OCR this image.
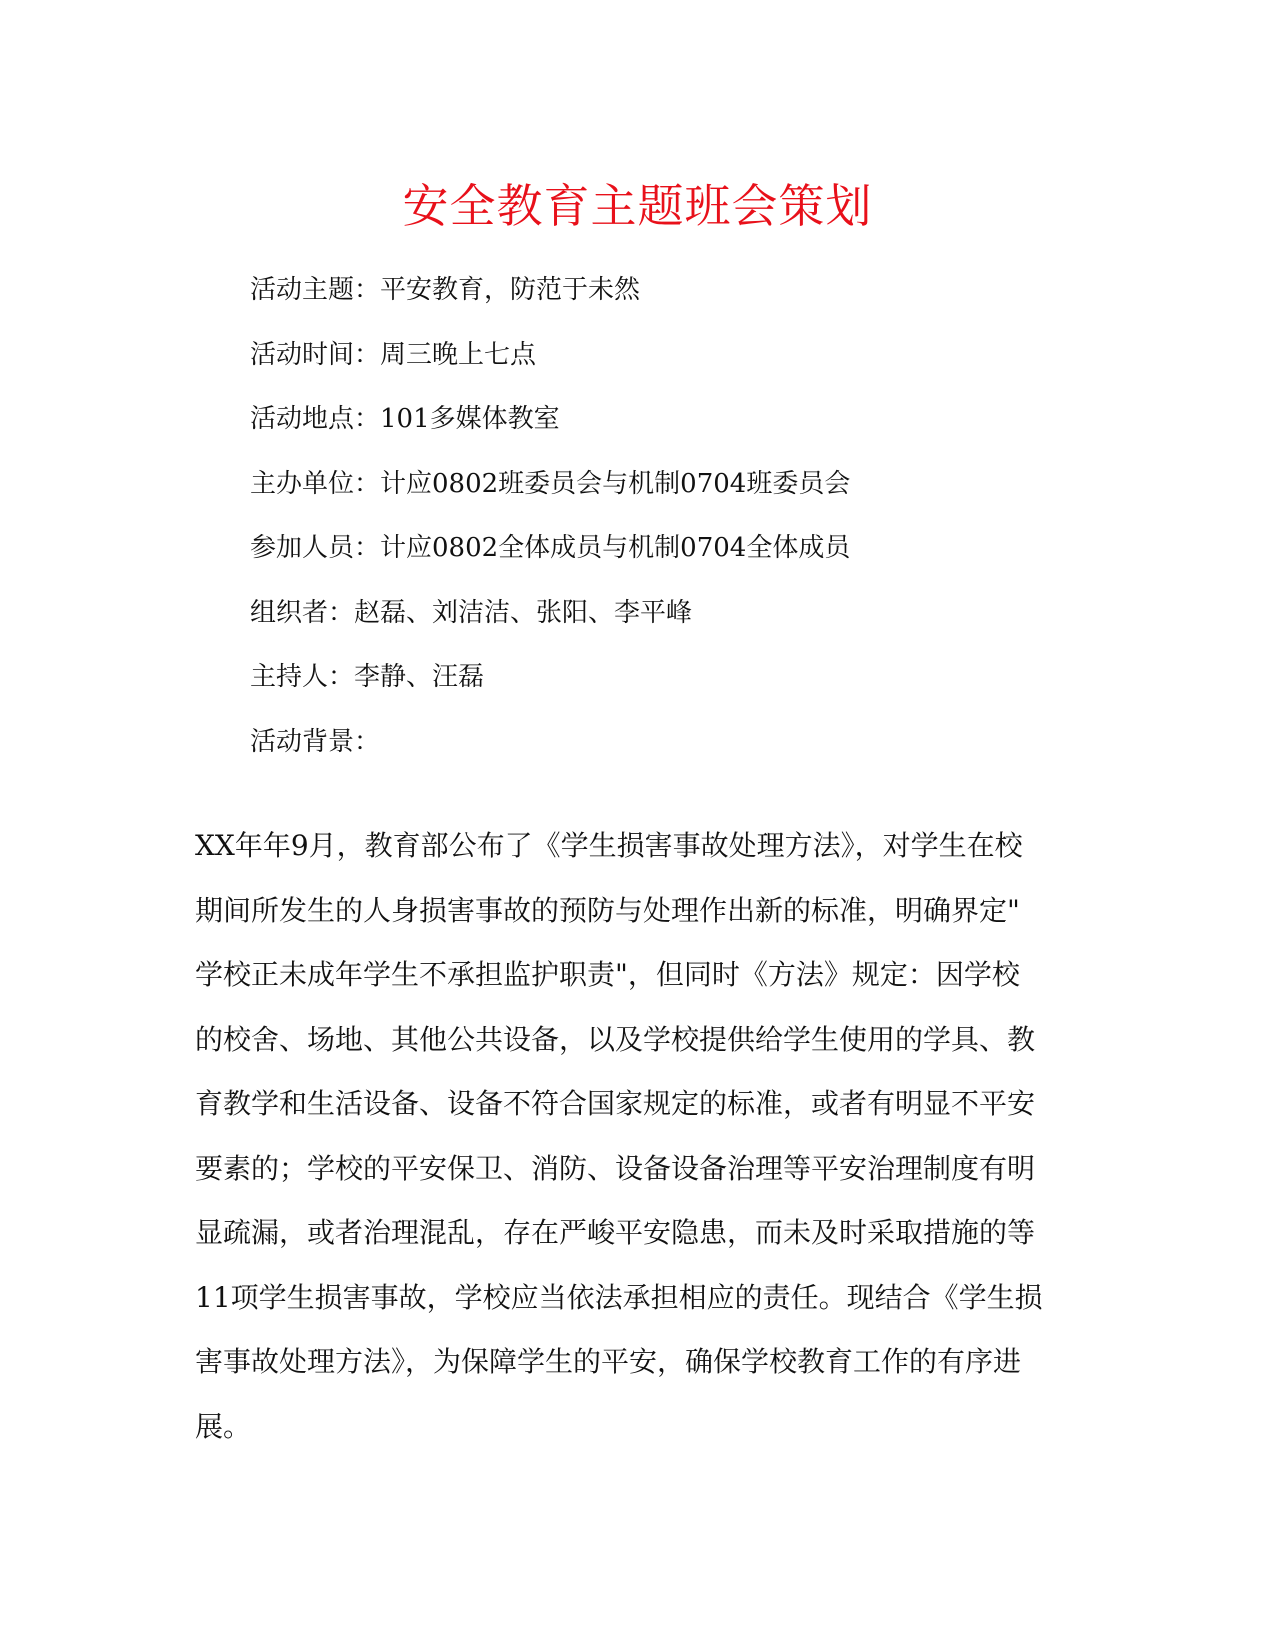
安全教育主题班会策划
活动主题：平安教育，防范于未然
活动时间：周三晚上七点
活动地点：101多媒体教室
主办单位：计应0802班委员会与机制0704班委员会
参加人员：计应0802全体成员与机制0704全体成员
组织者：赵磊、刘洁洁、张阳、李平峰
主持人：李静、汪磊
活动背景：
XX年年9月，教育部公布了《学生损害事故处理方法》，对学生在校
期间所发生的人身损害事故的预防与处理作出新的标准，明确界定"
学校正未成年学生不承担监护职责"，但同时《方法》规定：因学校
的校舍、场地、其他公共设备，以及学校提供给学生使用的学具、教
育教学和生活设备、设备不符合国家规定的标准，或者有明显不平安
要素的；学校的平安保卫、消防、设备设备治理等平安治理制度有明
显疏漏，或者治理混乱，存在严峻平安隐患，而未及时采取措施的等
11项学生损害事故，学校应当依法承担相应的责任。现结合《学生损
害事故处理方法》，为保障学生的平安，确保学校教育工作的有序进
展。
